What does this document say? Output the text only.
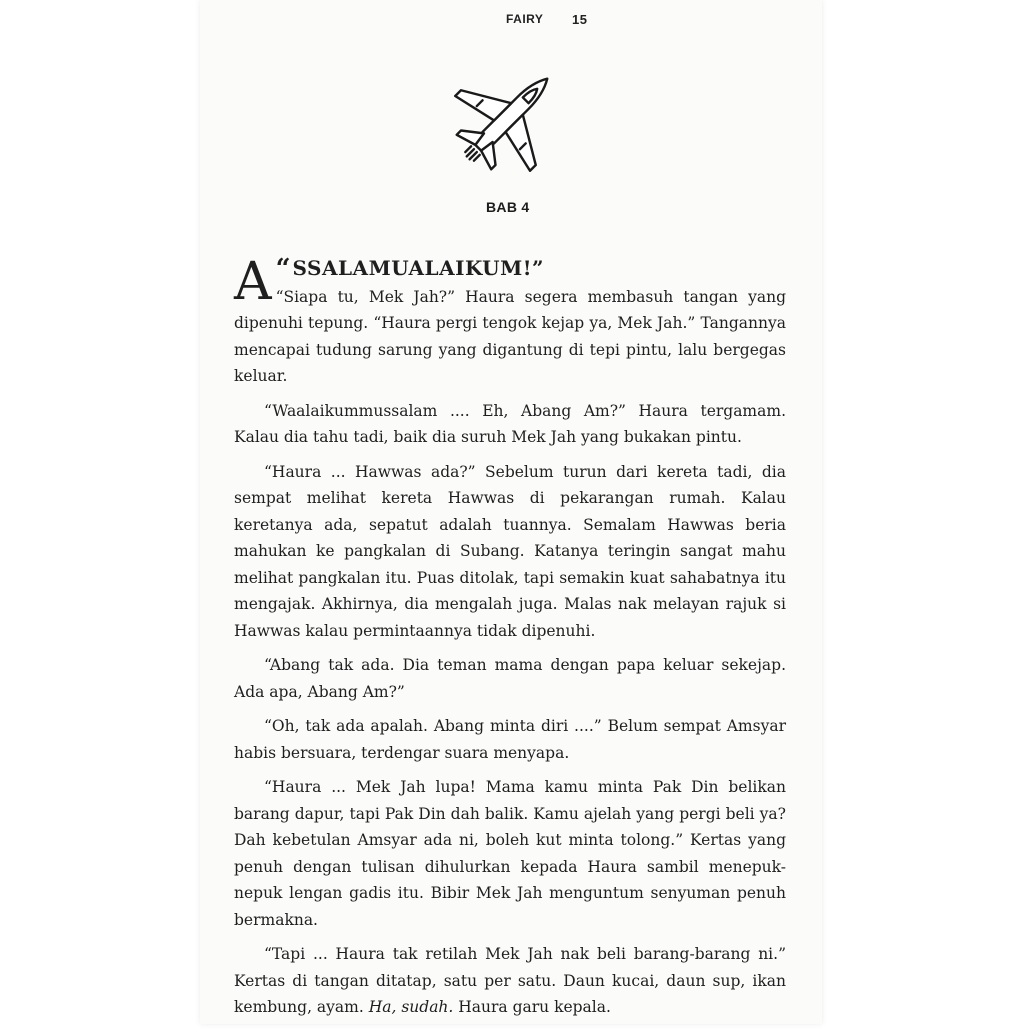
FAIRY 15
BAB 4

“
A SSALAMUALAIKUM!”
“Siapa tu, Mek Jah?” Haura segera membasuh tangan yang dipenuhi tepung. “Haura pergi tengok kejap ya, Mek Jah.” Tangannya mencapai tudung sarung yang digantung di tepi pintu, lalu bergegas keluar.

“Waalaikummussalam .... Eh, Abang Am?” Haura tergamam. Kalau dia tahu tadi, baik dia suruh Mek Jah yang bukakan pintu.

“Haura ... Hawwas ada?” Sebelum turun dari kereta tadi, dia sempat melihat kereta Hawwas di pekarangan rumah. Kalau keretanya ada, sepatut adalah tuannya. Semalam Hawwas beria mahukan ke pangkalan di Subang. Katanya teringin sangat mahu melihat pangkalan itu. Puas ditolak, tapi semakin kuat sahabatnya itu mengajak. Akhirnya, dia mengalah juga. Malas nak melayan rajuk si Hawwas kalau permintaannya tidak dipenuhi.

“Abang tak ada. Dia teman mama dengan papa keluar sekejap. Ada apa, Abang Am?”

“Oh, tak ada apalah. Abang minta diri ....” Belum sempat Amsyar habis bersuara, terdengar suara menyapa.

“Haura ... Mek Jah lupa! Mama kamu minta Pak Din belikan barang dapur, tapi Pak Din dah balik. Kamu ajelah yang pergi beli ya? Dah kebetulan Amsyar ada ni, boleh kut minta tolong.” Kertas yang penuh dengan tulisan dihulurkan kepada Haura sambil menepuk-nepuk lengan gadis itu. Bibir Mek Jah menguntum senyuman penuh bermakna.

“Tapi ... Haura tak retilah Mek Jah nak beli barang-barang ni.” Kertas di tangan ditatap, satu per satu. Daun kucai, daun sup, ikan kembung, ayam. Ha, sudah. Haura garu kepala.
